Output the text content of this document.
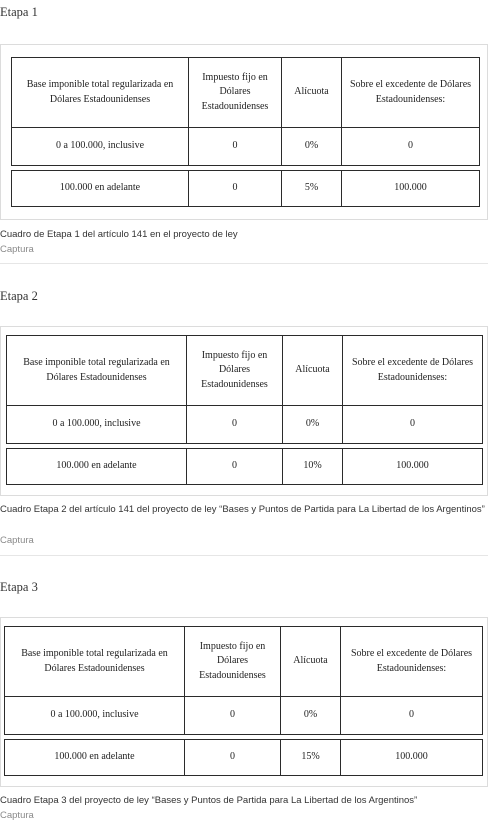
Etapa 1
Base imponible total regularizada en Dólares Estadounidenses	Impuesto fijo en Dólares Estadounidenses	Alícuota	Sobre el excedente de Dólares Estadounidenses:
0 a 100.000, inclusive	0	0%	0

100.000 en adelante	0	5%	100.000
Cuadro de Etapa 1 del artículo 141 en el proyecto de ley
Captura
Etapa 2
Base imponible total regularizada en Dólares Estadounidenses	Impuesto fijo en Dólares Estadounidenses	Alícuota	Sobre el excedente de Dólares Estadounidenses:
0 a 100.000, inclusive	0	0%	0

100.000 en adelante	0	10%	100.000
Cuadro Etapa 2 del artículo 141 del proyecto de ley “Bases y Puntos de Partida para La Libertad de los Argentinos”
Captura
Etapa 3
Base imponible total regularizada en Dólares Estadounidenses	Impuesto fijo en Dólares Estadounidenses	Alícuota	Sobre el excedente de Dólares Estadounidenses:
0 a 100.000, inclusive	0	0%	0

100.000 en adelante	0	15%	100.000
Cuadro Etapa 3 del proyecto de ley “Bases y Puntos de Partida para La Libertad de los Argentinos”
Captura
